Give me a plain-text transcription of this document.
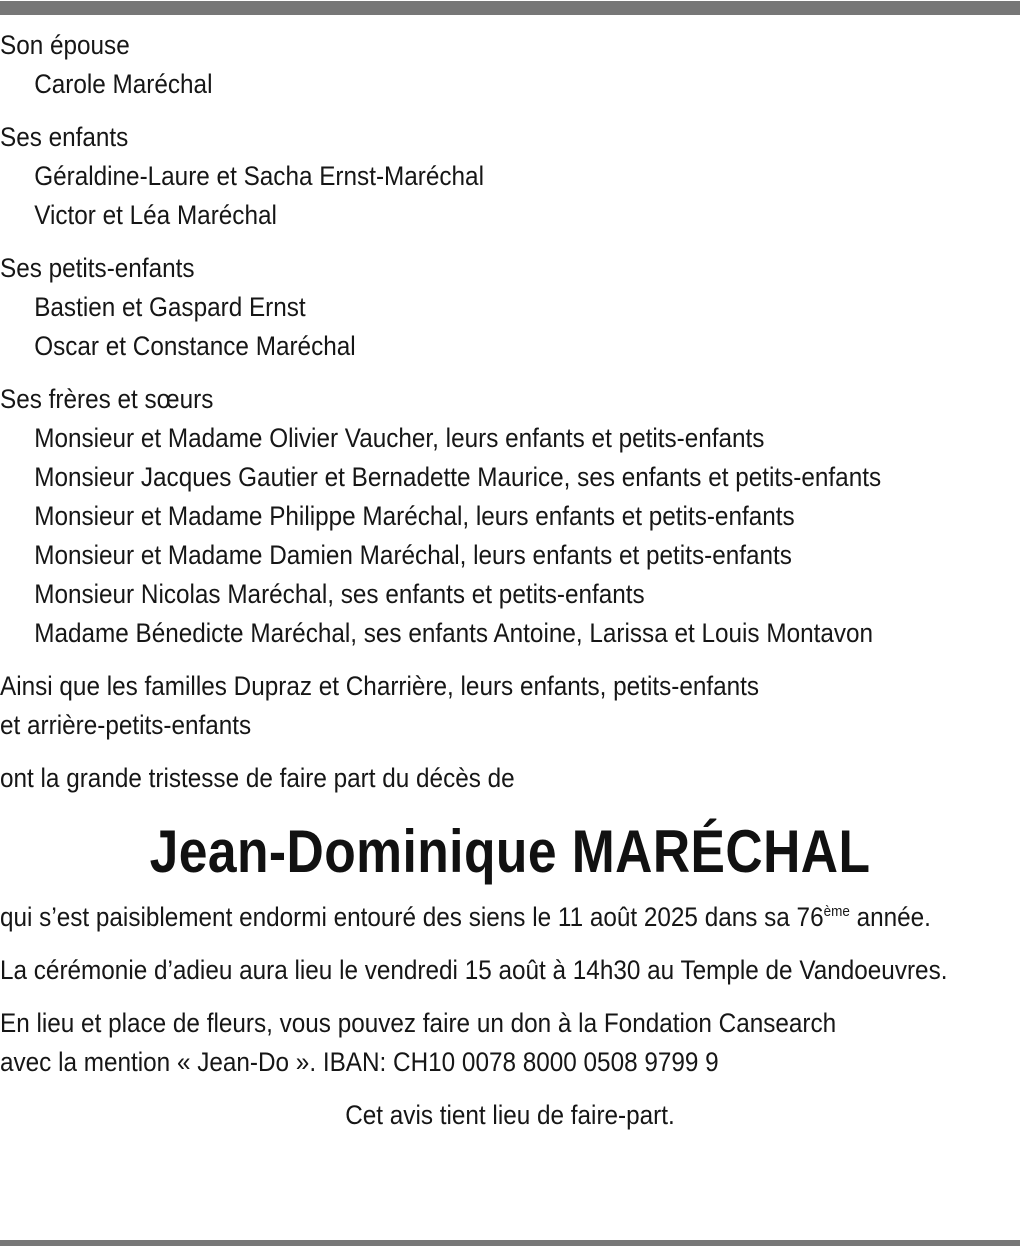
Son épouse
Carole Maréchal
Ses enfants
Géraldine-Laure et Sacha Ernst-Maréchal
Victor et Léa Maréchal
Ses petits-enfants
Bastien et Gaspard Ernst
Oscar et Constance Maréchal
Ses frères et sœurs
Monsieur et Madame Olivier Vaucher, leurs enfants et petits-enfants
Monsieur Jacques Gautier et Bernadette Maurice, ses enfants et petits-enfants
Monsieur et Madame Philippe Maréchal, leurs enfants et petits-enfants
Monsieur et Madame Damien Maréchal, leurs enfants et petits-enfants
Monsieur Nicolas Maréchal, ses enfants et petits-enfants
Madame Bénedicte Maréchal, ses enfants Antoine, Larissa et Louis Montavon
Ainsi que les familles Dupraz et Charrière, leurs enfants, petits-enfants
et arrière-petits-enfants
ont la grande tristesse de faire part du décès de
Jean-Dominique MARÉCHAL
qui s’est paisiblement endormi entouré des siens le 11 août 2025 dans sa 76ème année.
La cérémonie d’adieu aura lieu le vendredi 15 août à 14h30 au Temple de Vandoeuvres.
En lieu et place de fleurs, vous pouvez faire un don à la Fondation Cansearch
avec la mention « Jean-Do ». IBAN: CH10 0078 8000 0508 9799 9
Cet avis tient lieu de faire-part.
